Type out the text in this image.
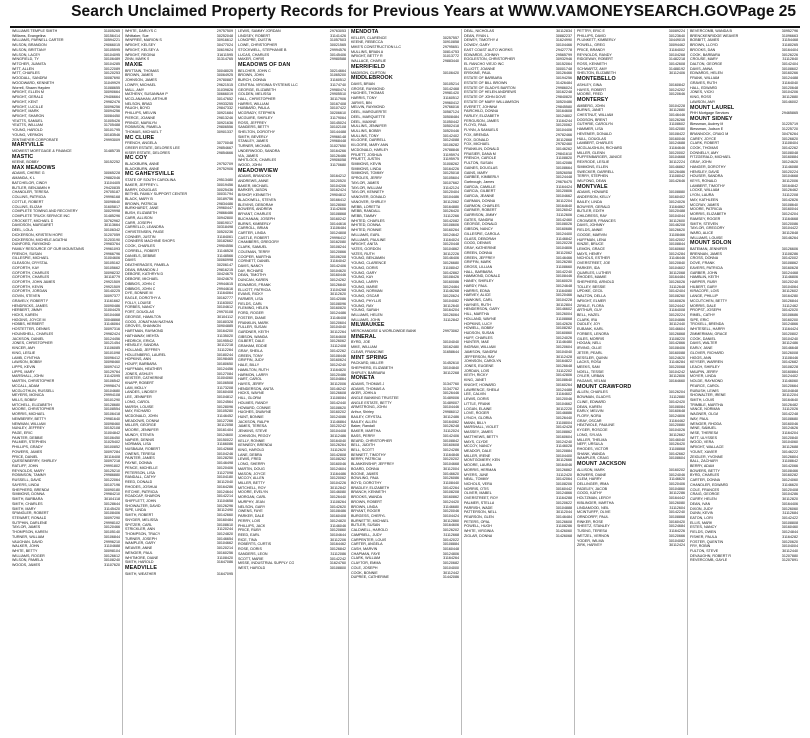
Search Unclaimed Property Records for Previous Years at WWW.VAMONEYSEARCH.GOV
Page 25
WILLIAMS TEMPLE SMITH	31005265
Williams, Evangelina	30156414
WILLIAMS, PARNELL CARTER	30594221
WILSON, BRANDON	29066015
WILSON, BRITTANY	30105595
WILSON, LACEY	30104095
WINGFIELD, TY	30106489
WITCHER, JUANITA	30104285
WITT, ALLEN	30122089
WITT, CHARLES	30120253
WOODALL, SANDRA	30087690
WOODWARD, KENNETH	31049929
Worrell, Shawn Hayden	31088655
WRIGHT, ELLEN M	30090664
WRIGHT, GERALD	29406664
WRIGHT, KENT	29982476
WRIGHT, LUCILLE	30096256
WRIGHT, MARK	30094256
WRIGHT, SHARON	30084450
YEATTS, SAMUEL	31005426
YEATTS, WILLIAM	31705488
YOUNG, HAROLD	30101795
YOUNG, VERNON	30183546
ZENTMEYER CORPORATE	29993009
MARYVILLE
MIDWEST MORTGAGE & FINANCE	31485735
MASTIC
KEENE, BOBBY	30152252
MAX MEADOWS
ADAMS, CHERIE G	30065228
AMANDA, K L	29882046
BATCHELOR, CINDY	31104405
BUTLER, BENJAMIN H	29420835
CHANDLER, TERESA	29705187
COLLINS, PATRICIA	29996168
COTTLE, ROBERT	30098640
COLLINS, ELIZAH	31605817
COMPLETE TOWING AND RECOVERY	30029998
COMPLETE TRUCK SERVICE INC	31485296
CROCKETT, MICHAEL D	30762962
DAVIDSON, MARGARET	30113664
DEEL, LOLA	30106342
DICKERSON, KRISTEN HOPE	31207059
DICKERSON, MICHELE AGATHA	31203190
DUNFORD, RAYMOND	29983764
FAMILY RESOURCE OF OUR MOUNTAINS	29961093
FRENCH, SUSAN	29966796
GILLESPIE, MICHAEL	31004606
GLEASON, CRYSTAL	30105162
GOFORTH, KAY	30105662
GOFORTH, CHARLES	30098232
GOFORTH, CHARLES	30118779
GOFORTH, JOHN JAMES	29921509
GOFORTH, KEVIN	29921509
GOFORTH, JORDAN	30140225
GOVIN, STEVEN	30097377
GRAVELY, ROBERT F	31161662
HENDRICKS, JAMES	30090486
HERBERT, JIMMY	31004425
HICKS, KAREN	30104468
HIGGINS, JOYCE M	30048868
HOBBS, HERBERT	31146064
HOSTETTER, DENNIS	30097316
HOUNSHELL, CHARLES	29982424
JACKSON, DANIEL	30124456
JONES, CHRISTOPHER	30121454
KINCER, AMY	31106085
KING, LESLIE	30101098
LAMB, CYNTHIA	30096412
LAWSON, BOBBY	30098460
LIPPS, KEVIN	30097412
LIPPS, MARY	30129764
MARSHALL, JOHN	31142095
MARTIN, CHRISTOPHER	30106542
MCCALL, ADAM	29998474
MCGLOTHLIN, RUSSELL	30104680
MEYERS, MONICA	29994108
MILLS, BOBBY	30101290
MITCHELL, ELIZABETH	30128680
MOORE, CHRISTOPHER	30108554
MORRIS, MICHAEL	30106418
NEWBERRY, BETTY	29981640
NEWMAN, WILLIAM	30098460
NUNLEY, JEFFREY	30152108
PAGE, ERIC	31004842
PAINTER, DEBBIE	30106450
PALMER, STEPHEN	31025402
PHILLIPS, GRADY	30100852
POWERS, JAMES	30097284
PRICE, DANIEL	30116408
QUESENBERRY, SHIRLEY	30097218
RATLIFF, JOHN	29991802
REYNOLDS, MARY	30125210
ROBINSON, TAMMY	29986880
RUSSELL, DAVID	30122064
SAYERS, LINDA	30107196
SHEPHERD, BRENDA	30090180
SIMMONS, DONNA	29984210
SMITH, BARBARA	30104118
SMITH, CHARLES	30128644
SMITH, MARY	31145420
SPANGLER, ROBERT	30108406
STEWART, RONALD	30097290
SUTPHIN, DARLENE	29998102
TAYLOR, JAMES	30120466
THOMPSON, KAREN	30105140
TURNER, WILLIAM	30106844
VAUGHAN, DAVID	29996210
WALKER, JOHN	31104688
WHITE, BETTY	30098104
WILLIAMS, ROGER	30126612
WILSON, PAMELA	30108240
WOODS, JAMES	31107620
WHITE, DARLYS C	29757509
Whittaker, Sue	30252048
WINFREE, MARION S	30916612
WRIGHT, KELSEY	30477024
WRIGHT, KELSEY A	30619624
WRIGHT, REGINA	31611595
ZINN, MARK S	31314765
MAXIE
BRITTAIN, THOMAS	30048025
BROWN, JAMES	30064925
JOHNSON, JAMES	29780887
LOWRY, MICHAEL	29621515
MALL, AMY	31039826
MATHENY, SUSANNAH P	30666019
MCCLANAHAN, ARTHUR	30147652
NELSON, BRAD	29933255
PAUGH, BOYD	29847332
PHILLIPS, MELVIN	30921684
PIERCE, JOANNE	29813246
PRINCE, MARILYN	30921636
ROBINSON, PAMELA	29806556
THOMAS, MICHAEL T	30901337
MC CLURE
FRENCH, ANGELA	30770048
GREER ESTATE, DELORES LEE	29854667
KISER ESTATE, DELORES	29854666
MC COY
BLACKBURN, ANNE	29752709
BLACKBURN, ANNE	29752906
MC GAHEYSVILLE
STATE OF SOUTH CAROLINA	29513480
BAKER, JEFFREY L	30019456
BARRY, DOUGLAS	30025436
BETHEL FAMILY SUPPORT CENTER	30031794
BLACK, MARY B	30189756
BROWN, PATRICIA	29834486
BURKHARDT, JANE	29960447
BUSH, ELIZABETH	29866486
CARR, ALLISON	30942800
CARR, JOSEPH	30819017
CARRELLO, LEANDRA	30318498
CHRISTENSEN, PAIGE	30520236
CONNER, JUSTIN	31184061
CONNERS MACHINE SHOPS	30182662
COOK, CHARLES	29904556
CORRELL, ROBERT	31146528
DANIELS, DEBBIE	31148566
DAVIS	30060998
DEATHERAGES, PAMELA	30206147
DEAN, BRANDON J	29816215
DEBORE, KATHRYN D	30424675
DEBORE, MICHAEL	30424670
DIBBIOS, JOHN C	29944615
DIBBIOS, JOHN C	29944616
DYE, BONNIE M	31164064
EAGLE, DOROTHY A	30162777
FOLLY, LOUISE	31163002
FORBES, NANCY	30104612
FORT, DOUGLAS	29970108
GEORGE, HAMILTON	30104112
GOOD, JONATHAN NATHAN	30180328
GROVES, SHANNON	30904885
HARTMAN, RAYMOND	30164200
HATHAWAY, MEHTA	31135020
HEDRICK, ERICA	30195542
HENSLEY, SANDRA	30112218
HOLLAND, JEFFREY	31112264
HOLLENBERG, LAUREL	30180244
HOPKINS, ANN	30198465
HOUFF, BARBARA	30180650
HUFFMAN, HEATHER	30124456
JONES, ASHLEY	30127084
KEISTER, CATHERINE	31004060
KNAPP, ROBERT	30106508
LAM, MOLLY	31173208
LANDES, LINDSEY	30160408
LEE, JENNIFER	30104812
LONG, CAROL	30124564
MARSH, LOUISE	30128096
MAY, RICHARD	30105280
MCDONALD, JOHN	31146452
MEADOWS, DONNA	30127266
MILLER, GEORGE	30112058
MOORE, JENNIFER	30161404
MUNDY, STEVEN	30124600
NAPIER, DENNIS	30150022
NORMAN, LISA	31166086
NUSBAUM, ROBERT	30142668
OWENS, TERESA	30104246
PAINTER, JAMES	30128250
PAYNE, DONNA	30146498
PENCE, MICHELLE	30120406
PETERSON, LISA	31127098
RANDALL, CATHY	30104180
REED, DONALD	30112040
RHODES, JOSHUA	30164286
RITCHIE, PATRICIA	30124644
ROADCAP, SHARON	30142214
SHIFFLETT, JOHN	31104658
SHOWALTER, DAVID	30126296
SIPE, LINDA	30112490
SMITH, ROBERT	30142660
SNYDER, MELISSA	30160484
SPITZER, CARL	30108610
STRICKLER, ANN	31120244
THOMPSON, TRACY	30124820
TURNER, JOSEPH	30146654
WAMPLER, GARY	30104662
WEAVER, ANNE	30120214
WENGER, PAUL	30160256
WHITMORE, DIANE	31108420
SMITH, HAROLD	31647086
MEADVILLE
SMITH, WEATHER	31647095
LEWIS, SAMMY JORDAN	29763053
LINDSEY, ROBERT	31141426
LONGPRE, DUSTIN	31057503
LOWE, CHRISTOPHER	30021565
STOCKWELL, STEPHANIE B	29994576
LUCAS, CHARLES	30145406
MAKER, CHRIS	29980588
MEADOWS OF DAN
BELCHER, JOHN C	30214664
BROWN, JOHN	31065200
BURCH, DONNA	31160512
CENTRAL VIRGINIA SYSTEMS LLC	31174740
GEORGE, ELIZABETH	29980474
GOLDEN, MELISSA	29905510
HALL, CHRISTOPHER	30117906
HARRIS, WILLIAM	30167408
HUBBARD, PAULA	30107422
MCGRADY, STEPHEN	30206610
MCGUIRE, SHIRLEY	31179064
ROSS, JEFFREY	30145024
SANDERS, BETTY	30102108
SHELTON, DOROTHY	30144488
SMITH, BEVERLY	29966148
STANLEY, JAMES	29968448
TURNER, MICHAEL	31027650
UNDERWOOD, SANDRA	30164266
VIA, JAMES	30126486
WHITLOCK, CHARLES	29906058
WOOD, JOHN	31170680
MEADOWVIEW
ADAMS, BRANDON	30164212
ANDREWS, ANNE	30120520
BAKER, MICHAEL	30104206
BARKER, JASON	30162424
BISHOP, KENNETH	29904812
BLACKWELL, STEVEN	30166412
BLEVINS, DEBORAH	30128060
BOWERS, ANDREW	31142606
BRYANT, CHARLES	30108868
BUCHANAN, JOSEPH	30160242
BURNS, KIMBERLY	30144616
CARROLL, BRIAN	31106484
CARTER, LINDA	30124808
CASTLE, ROBERT	29996412
CHAMBERS, GREGORY	30162080
CLARK, SAMUEL	30108244
COLEMAN, TERRY	30120866
COOPER, MARTHA	30106208
CORNETT, DANIEL	31164042
DAVIS, NANCY	30142406
DAY, RICHARD	30104620
DEAN, TIMOTHY	30160446
DUNCAN, KAREN	30124262
EDWARDS, FRANK	30126840
ELLIOTT, PATRICIA	31104268
EVANS, RICKY	30112620
FARMER, LISA	30142086
FIELDS, CARL	30108096
FLEMING, HELEN	30160820
FORD, ROGER	30124486
FOSTER, DIANE	31146408
FRANKLIN, MARK	30120604
FULLER, SUSAN	30104040
GARDNER, KEITH	30112264
GIBSON, WANDA	30164608
GILBERT, DALE	30126062
GRAHAM, EDDIE	31112408
GRAY, SHEILA	30142262
GREEN, TONY	30108446
GRIFFIN, JUDY	30160624
HALE, BILLY	30124240
HAMILTON, RUTH	31164820
HARMON, LARRY	30120486
HART, CAROL	30104864
HAYES, JERRY	30112006
HENDERSON, ANITA	30146242
HICKS, WAYNE	30126608
HILL, GLORIA	31108084
HOLMES, RANDY	30142440
HOWARD, CONNIE	30108620
HUGHES, DWAYNE	30160202
HUNT, BONNIE	30124086
JACKSON, RALPH	31146864
JAMES, TERESA	30120242
JENKINS, STEVE	30104408
JOHNSON, PEGGY	30112486
KELLY, RONNIE	30164040
KENNEDY, BRENDA	30126264
KING, HAROLD	31112620
LANE, DEBRA	30142808
LEWIS, FRED	30108262
LONG, SHERRY	30160046
MARTIN, DOUG	30124604
MASON, JOYCE	31164486
MCCOY, ALLEN	30120062
MILLER, BETTY	30104226
MITCHELL, ROY	30112842
MOORE, EVELYN	30146080
MORGAN, CARL	30126440
MURPHY, JEAN	31108264
NELSON, GARY	30142620
OWENS, FAYE	30108486
PARKER, DALE	30160408
PERRY, LOIS	30124820
PHILLIPS, JACK	31146046
PRICE, RUBY	30120860
REED, EARL	30104644
RICE, TINA	30112206
ROBERTS, CURTIS	30164462
ROSE, DORIS	30126842
SANDERS, LEON	31112086
SCOTT, MARIE	30142242
MISSE, INDUSTRIAL SUPPLY CO	31624760
WEST, HAROLD	30108800
MENDOTA
KELLER, CLARENCE	30257557
KEENE, REBECCA	30910858
MIKE'S CONSTRUCTION LLC	29795651
MULLINS, BRIAN A	30814753
WRIGHT, BETTY R	31013772
WALLACE, CHARLIE	29883440
MERRIFIELD
MADISON, CLIFTON	30106420
MIDDLEBROOK
DAVIS, BRIAN	30105214
GROSE, RAYMOND	30142468
HUGHES, THOMAS	29981420
HARRIS, TONY	31160512
JARVIS, BIN	29960412
MELVIN, RAYMOND	29766016
DEEL, MARGUERITE	30587124
DEEL, MARQUETTE	30508484
DEEL, MAXINE	31050442
MULLINS, JENNIFER	30502418
MULLINS, BOBBY	30520446
MULLINS, TONY	30142402
KILGORE, DARRELL	30124088
KILGORE, MARY ANN	30106282
MCDONALD, HARLEY	29788846
PRUETT, JOSHUA	31195974
PRUETT, JUSTIN	31195975
SIMMONS, KEVIN	31008262
SIMMONS, LINDA	30164226
SIMMONS, TOMMY	30125018
SPROLES, JERRY	30105604
TAYLOR, JAMES	30107662
TAYLOR, WILLIAM	31142124
TAYLOR, KENNETH	30120404
VANOVER, DONALD	30104486
VANOVER, SHIRLEY	30112062
WEBB, LORETTA	30164880
WEBB, RANDALL	30126420
WEBB, TAMMY	31112266
WHITED, CHARLES	30142082
WHITED, DONNA	30108606
WHITED, RONNIE	30160264
WILLIAMS, EARL	30124642
WILLIAMS, PAULINE	31164024
WRIGHT, ANITA	30120448
YATES, GORDON	30104862
YATES, RUTH	30112226
YOUNG, BENJAMIN	30146406
YOUNG, CLARENCE	30126680
YOUNG, DORIS	31108042
YOUNG, GARY	30142862
YOUNG, KAY	30108426
YOUNG, LARRY	30160086
YOUNG, MARIE	30124464
YOUNG, NORMAN	31146268
YOUNG, OSCAR	30120624
YOUNG, PHYLLIS	30104082
YOUNG, RAY	30112640
YOUNG, SARAH	30164204
WILLIAMS, HELEN	30126064
WILLIAMS, JOHN	31112842
MILWAUKEE
MERCHANDISE & WORLDWIDE BANK	29973062
MINERAL
BYRD, JOE	30104040
MIKE, WILLIAM	30162480
CLEAR, FRANCINE	31658644
MINT SPRING
PACKARD, MILLER	31452610
SHEPHERD, ELIZABETH	30104840
SHIPLEY, BARBARA	30112268
MONETA
ADAMS, THOMAS J	31347760
ADAMS, THOMAS A	31347762
AKER, JOHN A	30126446
ANGLE BANKING TRUSTEE	31489006
ANGLE ESTATE, BETTY	31489007
ARMSTRONG, JOHN	30104446
Arthur, Shirley	29986012
BAILEY, CRYSTAL	30112486
BAILEY, ALLEN	30164062
Baker, Randall	30126248
BAKER, MARTHA	31112024
BASS, PERRY	30142406
BEARD, CHRISTOPHER	30108842
BELL, JUDITH	30160608
BELL, SCOTT	30124286
BENNETT, TIMOTHY	31164846
BERRY, PATRICIA	30120202
BLANKENSHIP, JEFFREY	30104668
BOARD, DONNA	30112004
BOONE, JAMES	30146620
BOWLING, PAUL	30126086
BOYD, DOROTHY	31108440
BRADLEY, ELIZABETH	30142264
BRANCH, KENNETH	30108208
BROOKS, WANDA	30160862
BROWN, ROBERT	30124420
BROWN, LINDA	31146680
BRYANT, ROGER	30120046
BURGESS, CHERYL	30104424
BURNETTE, MICHAEL	30112860
BUTLER, SUSAN	30164606
CALDWELL, HAROLD	30126202
CAMPBELL, JUDY	31112668
CARPENTER, LOUIS	30142022
CARTER, ANGELA	30108884
CASH, MARVIN	30160448
CHAPMAN, FAYE	30124806
CLARK, WILLIAM	31164264
CLAYTOR, EMMA	30120682
COLE, JOSEPH	30104000
COOK, BONNIE	30112442
DUPREE, CATHERINE	31442086
DEAL, NICHOLAS	30112834
DEAN, RYAN L	30882237
DEWEY, TIMOTHY A	31624990
DOWDY, GARY	30104466
EAST COAST AUTO WORKS	29427778
EDWARDS, JOHNNY	29565799
EGGLESTON, CHRISTOPHER	30932946
EL RANCHO VIEJO INC	30152064
ELLIOTT, JOANNE	30001748
ERSKINE, PAUL	30126466
ESTATE OF BARBARA	30194256
ESTATE OF BILL BROWN	31426484
ESTATE OF GLADYS BARTON	29986024
ESTATE OF HELEN ANDREWS	30162248
ESTATE OF JOHN DOVE	29840820
ESTATE OF MARY WILLIAMSON	30520486
EVERETT, JOHNNA	29845580
FAIRCHILD, DONNA	30164608
FARLEY, ELIZABETH	30124802
FERGUSON, JAMES	31164244
FLOYD, PAUL	30120062
FLYNN, A SAMUELS	30104406
FOX, BRENDA	29782466
FOX, DONALD	30112868
FOX, MICHAEL	29782460
FRANKLIN, DONALD	30146262
FRASIER, DANA M	29841610
FRENCH, CAROLE	31108820
FULTON, SUSAN	30142086
GAINES, DOUGLAS	30108664
GAINS, MARY	30526058
GARBEE, KIMBERLY	30124448
Garbrough, James	29676475
GARCIA, CAMILLE	31164424
GARCIA, GILBERT	30120806
GARCIA, JEANNE	30104662
GARMAN, DONNA	30112204
GARMON, CHARLES	30164640
GARNER, ROBERT	30126042
GARRISON, JIMMY	31112606
GATES, SANDRA	30142460
GEORGE, DONALD	30108026
GIBSON, NANCY	30160686
GILLESPIE, CAROLA	30124400
GLASS, DEBORAH	31146842
GOOD, DENNIS	30120228
GRAY, KATHERINE	30104806
GREEN, DONNA	30112062
GREEN, JEFFREY	30146466
GRIFFIN, MARK	30126280
GROSS, LILLIAN	31108660
HALL, BARBARA	30142240
HAMMOND, DONALD	30108446
HANEY, SHIRLEY	30160020
HARDY, PAUL	30124648
HARRIS, EDNA	31164080
HARVEY, ALICE	30120466
HAWKINS, CARL	30104228
HAYNES, RUTH	30112804
HENDERSON, GARY	30146602
HILL, MARTHA	30126004
HOLLAND, WAYNE	31108868
HOPKINS, LUCY	30142626
HOWELL, BOBBY	30108282
HUDSON, SUSAN	30160860
HUFF, CHARLES	30124026
HUNTER, MAE	31146480
INGRAM, WILLIAM	30120604
JAMISON, SANDRA	30104040
JEFFERSON, RAY	30112428
JOHNSON, CAROLYN	30164822
JONES, EUGENE	30126648
JORDAN, LOIS	31112202
KEITH, RICKY	30142806
KING, JANET	30108640
KNIGHT, HOWARD	30160264
LAWRENCE, SHEILA	30124488
LEE, CALVIN	31164602
LEWIS, DORIS	30120046
LITTLE, FRANK	30104662
LOGAN, ELAINE	30112220
LOVE, ROGER	30146886
LYNCH, GLORIA	30126440
MANN, BILLY	31108004
MARSHALL, VIOLET	30142428
MASSEY, JAMES	30108862
MATTHEWS, BETTY	30160604
MAYS, CLYDE	30124240
MCCOY, NANCY	31146028
MEADOR, DALE	30120884
MILLER, IRENE	30104400
MONTGOMERY, KEN	30112666
MOORE, LAURA	30164046
MORRIS, HERMAN	30126862
MYERS, JUNE	31112420
NEAL, TOMMY	30142064
NICHOLS, VERA	30108206
NORRIS, OTIS	30160442
OLIVER, MABEL	30124866
OVERSTREET, ROY	31164288
PALMER, STELLA	30120622
PARRISH, WADE	30104888
PATTERSON, NELL	30112044
PEARSON, GLEN	30146484
PETERS, OPAL	30126608
POWELL, HUGH	31108286
WHITE, VIRGINIA	31426060
ZIGLAR, DONNA	31426068
PETTRY, ERIC E	30089224
PHILLIPS, DAVID	30123640
PLUNKETT, KIMBERLY	30449015
POWELL, GREG	30094462
PRICE, BRANDY	31164002
REYNOLDS, RANDY	30104268
RIDGEWAY, ROBERT	31482218
ROSS, KENNETH	30142608
SCHWARTZ, AMY	31488192
SHELTON, ELIZABETH	30112406
MONTEBELLO
ASHLEY, GINA	30160842
HAYES, ROBERT	30124202
MOORE, FRED	30120646
MONTEREY
AMBERG, JOHN	30104228
BURNS, JANET	30112880
CHESTNUT, WILLIAM	30146446
DODSON, BRENT	30126266
GUTHRIE, CAROLYN	31108602
HAMMER, LISA	30142080
HEVENER, DONALD	30108422
HULL, DOUGLAS	30160046
LAMBERT, CHARLES	30124688
MCGLAUGHLIN, RICHARD	31164646
MILLER, GLENN	30120002
PUFFENBARGER, JANICE	30104668
REXRODE, LESLIE	30112224
SIMMONS, ELLEN	30146862
SWECKER, DARRELL	30126486
TERRY, STEPHEN	31108042
WILFONG, DEAN	30142646
MONTVALE
ADAMS, HOWARD	30108880
ANDERSON, KELLY	30160402
BAILEY, LINDA	30124026
BOWYER, GERALD	31164862
BUTLER, EDITH	30120488
CHILDRESS, RAY	30104044
CROWDER, FRANCES	30112600
DAVIS, JOHNNY	30146208
FIELDS, ANNIE	30126620
GOODE, MARVIN	31108466
HUFFMAN, LENA	30142002
KINZIE, BRUCE	30108844
LEMON, GRACE	30160660
MAYS, HENRY	30124284
NICHOLS, ESTHER	31146446
OVERSTREET, JOE	30120840
PARKER, IDA	30104602
QUARLES, LUTHER	30112068
RHODES, MAMIE	30164484
SHEPHERD, ARNOLD	30126026
TOLLEY, BESSIE	31112648
UPDIKE, CECIL	30142404
WALTON, DELLA	30108260
WRIGHT, ELMER	30160826
ZIRKLE, FLORA	30124442
ARTHUR, GUY	31164008
BELL, HAZEL	30120224
CLARK, IRA	30104886
DUDLEY, JOY	30112440
EUBANK, KARL	30146604
FORBES, LENORA	30126868
GILES, MORRIS	31108220
HOGAN, NELL	30142866
IRVING, OLLIE	30108406
JETER, PEARL	30160088
KESSLER, QUINN	30124620
LACKS, ROSA	31146284
MEEKS, SAM	30120068
NOELL, TESSIE	30104242
OYLER, URBAN	30112806
PAGANS, VELMA	30164660
MOUNT CRAWFORD
ALLEN, CHARLES	30126204
BOWMAN, GLADYS	31112880
CLINE, EDWARD	30142420
DEAN, KAREN	30108084
EARLY, MELVIN	30160648
FLORY, NORA	30124806
GRAY, OSCAR	31164462
HEATWOLE, PAULINE	30120880
KYGER, ROSCOE	30104026
LONG, SYLVIA	30112662
MILLER, THELMA	30146040
NEFF, URSULA	30126420
RHODES, VICTOR	31108868
SHANK, WANDA	30142662
WAMPLER, CRAIG	30108604
MOUNT JACKSON
ALLISON, MARK	30160202
BOWERS, DIANE	30124046
CLEM, HARRY	31146620
DELLINGER, IRMA	30120406
FADELEY, JACOB	30104860
GOOD, KATHY	30112286
HOLTZMAN, LEROY	30164442
KIBLINGER, MARTHA	30126080
LINDAMOOD, NEIL	31112604
MCINTURFF, OLIVE	30142240
ORNDORFF, PAUL	30108868
RINKER, ROSE	30160420
SHEETZ, STANLEY	30124684
TUSING, TERESA	31164226
WETZEL, VERNON	30120666
YODER, WILMA	30104082
ZIRK, HARVEY	30112424
BEVERCOMB, WANDA B	30952796
BRENCKENRIDGE WEAVER	31096663
BOBBITT, JAMES	31154468
BROWN, LLOYD	31180265
BROOKS, DAN	30164404
COOK, BARBARA	30126226
CROUSE, MARY	31112840
DALTON, GEORGE	30142404
DAVIS, ANNA	30108602
EDWARDS, HELEN	30160266
FRANK, WILLIAM	30124488
GRAVES, RUTH	31164040
HALL, EDWARD	30120648
JONES, VICKI	30104206
KING, ROSS	30112880
LAWSON, AMY	30146002
MOUNT LAUREL
PHH Mortgage Services	29465865
MOUNT SIDNEY
Blessman, Audrey M	31225719
Blessman, Judson E	31225720
BRANNOCK, CRAIG M	30476264
CAREY, JOYCE	30126820
CLARK, ROBERT	31108404
COOK, THOMAS	30142262
DONNELLY, AMY	30108048
FITZGERALD, MICHAEL	30160884
GRAY, JOHN	30124620
HANGER, DOROTHY	31146088
HENSLEY, DAVID	30120224
HOUSER, SANDRA	30104668
KEYS, RONALD	30112006
LAMBERT, TIMOTHY	30164842
LOCKE, WILLIAM	30126462
LYON, LAURA	31112208
MAY, KATHLEEN	30142826
MCCRAY, JAMES	30108640
MOORE, PATRICIA	30160044
MORRIS, ELIZABETH	30124204
RAMSEY, ROGER	31164668
SMITH, STEVEN	30120086
TAYLOR, GREGORY	30104422
WARD, ALICE	30112848
WILLIAMS, LOUISE	30146264
MOUNT SOLON
BATEMAN, JENNIFER	30126606
BRENNAN, JAMES	31108286
CROSS, DONNA	30142002
DOVE, FRANK	30108862
EAVERS, PATRICIA	30160628
GARBER, JOHN	30124468
HAMBLIN, KEITH	31146806
HARPER, RUBY	30120240
HILBERT, GARY	30104064
KIRACOFE, LOIS	30112602
LANGE, PHILLIP	30164280
MCCUTCHEN, BETTY	30126844
MORRIS, DALE	31112462
PROPST, JOSEPH	30142020
RIMEL, CATHY	30108686
SIPE, ERIC	30160200
TROXELL, BRENDA	30124866
WHITESELL, HARRY	31164424
ZIMMERMAN, GRACE	30120802
COOK, DANIEL	30104240
DAVIS, WALTER	30112486
EARLY, JANE	30146648
GLOVER, RICHARD	30126008
HIGGS, ANN	31108446
KEYSER, WARREN	30142682
LEACH, SHIRLEY	30108228
MAUPIN, JERRY	30160864
MOYER, LINDA	30124402
NOLDE, RAYMOND	31146060
PEARCE, CAROL	30120664
RUBUSH, LEWIS	30104848
SHOWALTER, IRENE	30112204
SMITH, LOUIS	30164640
TRIMBLE, MARTHA	30126482
VANCE, NORMAN	31112026
WAGNER, OLGA	30142248
WAY, PAUL	30108680
WENGER, RHODA	30160046
WINE, SAMUEL	30124626
WISE, THERESA	31164204
WITT, ULYSSES	30120840
WOOD, VERA	30104060
WRIGHT, WALLACE	30112688
YOUNT, XAVIER	30146222
ZEIGLER, YVONNE	30126804
BALL, ZACHARY	31108642
BERRY, ADAM	30142066
BOWERS, BETTY	30108466
BYRD, CHARLES	30160282
CARTER, DONNA	30124060
CHANDLER, EDWARD	31146620
COLE, FRANCES	30120408
CRAIG, GEORGE	30104286
CURRY, HELEN	30112820
DEAN, IVAN	30164406
DIXON, JUDY	30126060
DUNN, KEVIN	31112684
EATON, LORI	30142422
ELLIS, MARK	30108808
ESTES, NANCY	30160460
FIELDS, OWEN	30124844
FISHER, PAULA	31164282
FOSTER, QUENTIN	30120620
FRY, ROBIN	30104004
FULTON, STEVE	30112440
DEVAUGHN, ROBERT R	31207880
REVERCOMB, GAYLE	31207891
